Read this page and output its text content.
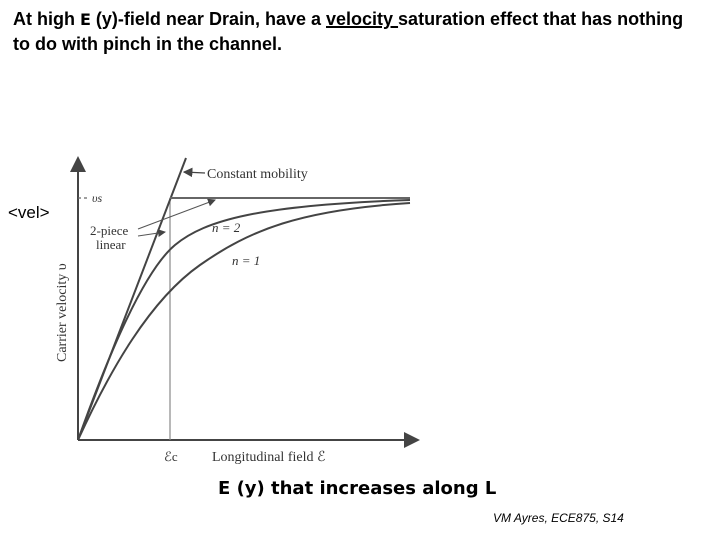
At high E (y)-field near Drain, have a velocity saturation effect that has nothing to do with pinch in the channel.
Constant mobility
υs
2-piece
linear
n = 2
n = 1
Carrier velocity υ
Longitudinal field ℰ
ℰc
<vel>
E (y) that increases along L
VM Ayres, ECE875, S14
